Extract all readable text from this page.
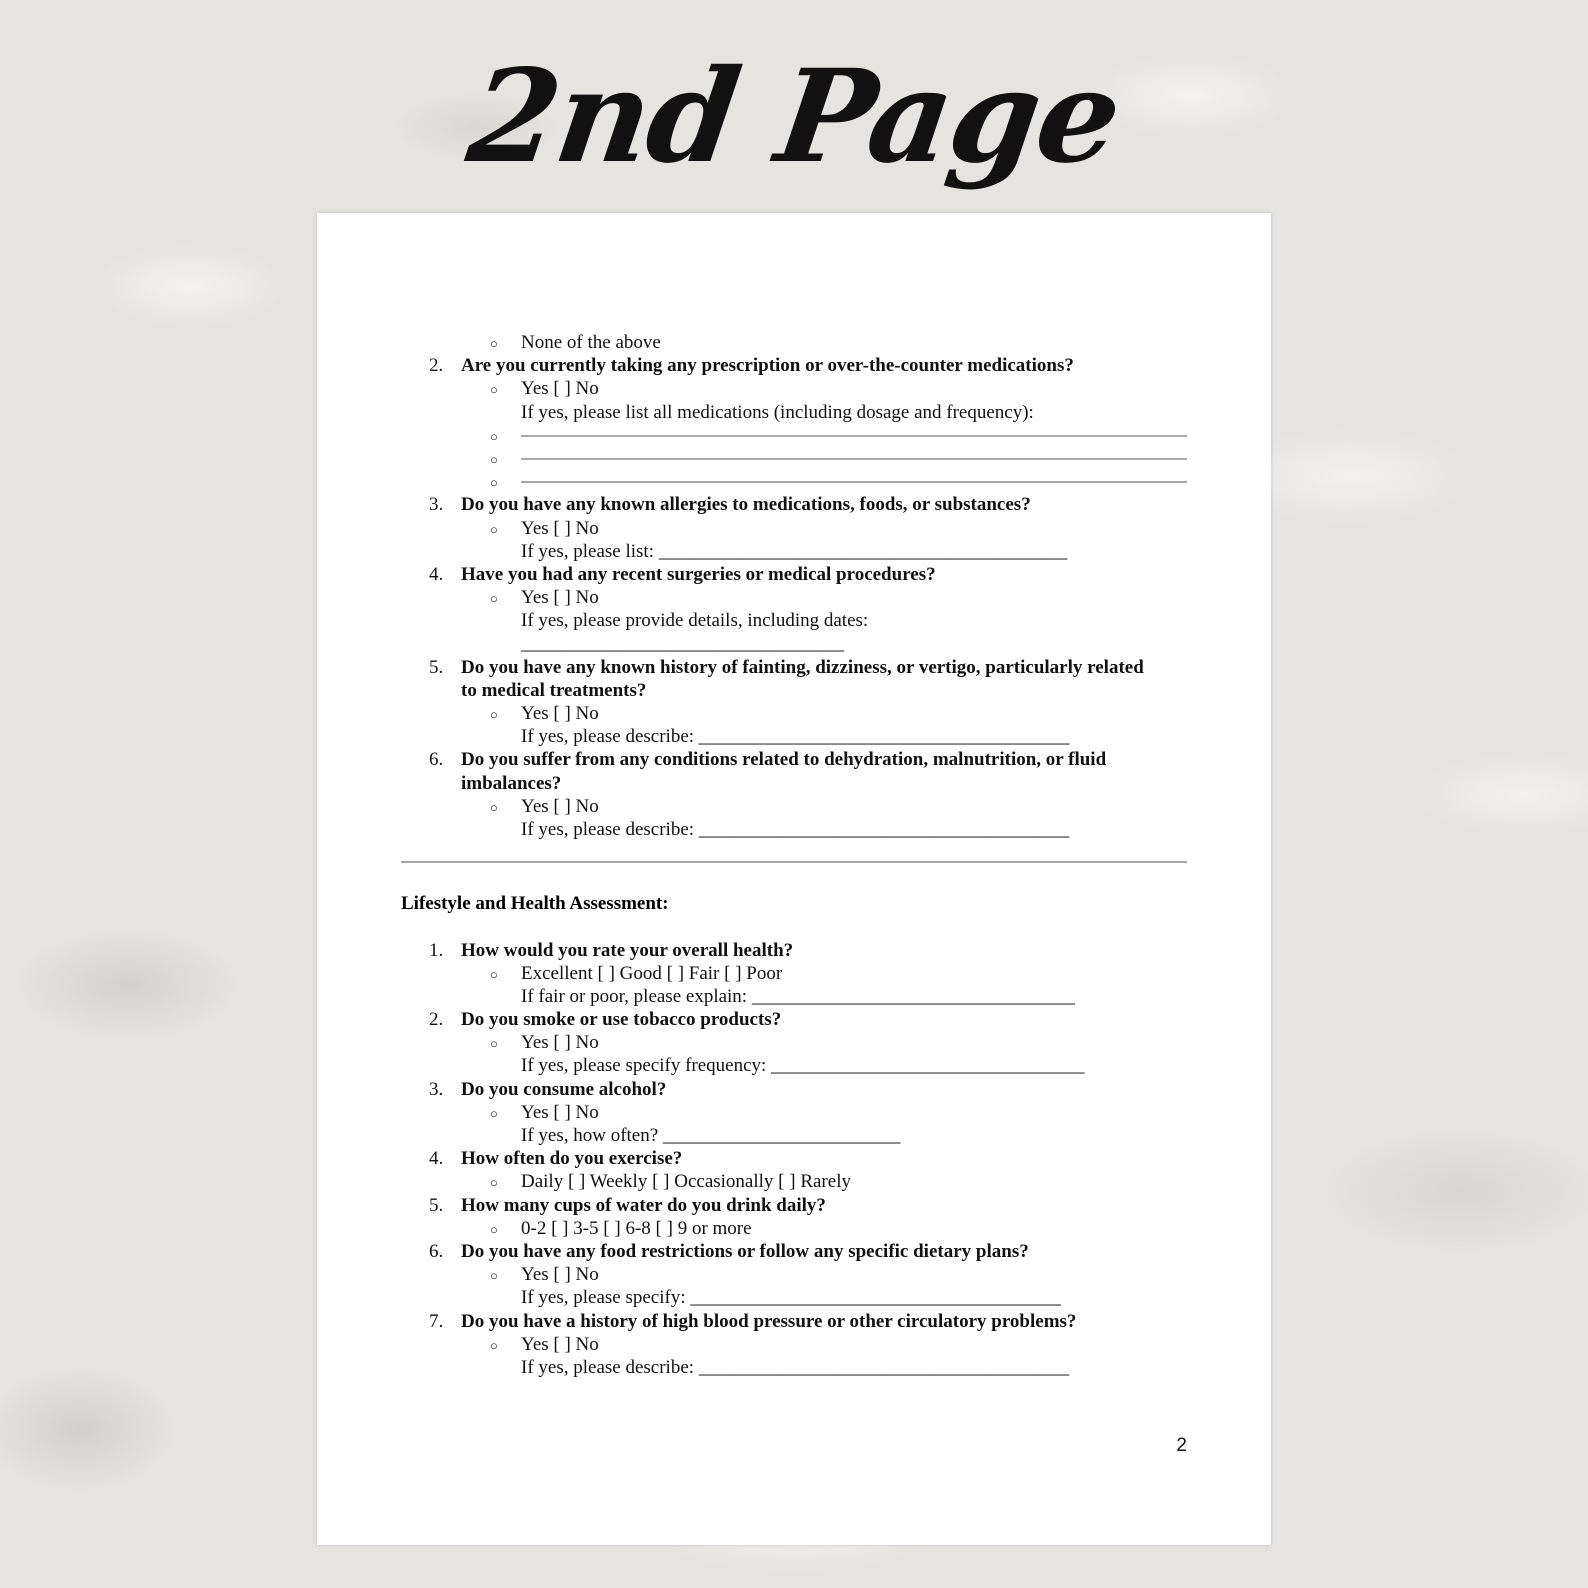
2nd Page
○ None of the above
2. Are you currently taking any prescription or over-the-counter medications?
○ Yes [ ] No
If yes, please list all medications (including dosage and frequency):
○
○
○
3. Do you have any known allergies to medications, foods, or substances?
○ Yes [ ] No
If yes, please list: ___________________________________________
4. Have you had any recent surgeries or medical procedures?
○ Yes [ ] No
If yes, please provide details, including dates:
__________________________________
5. Do you have any known history of fainting, dizziness, or vertigo, particularly related
to medical treatments?
○ Yes [ ] No
If yes, please describe: _______________________________________
6. Do you suffer from any conditions related to dehydration, malnutrition, or fluid
imbalances?
○ Yes [ ] No
If yes, please describe: _______________________________________
Lifestyle and Health Assessment:
1. How would you rate your overall health?
○ Excellent [ ] Good [ ] Fair [ ] Poor
If fair or poor, please explain: __________________________________
2. Do you smoke or use tobacco products?
○ Yes [ ] No
If yes, please specify frequency: _________________________________
3. Do you consume alcohol?
○ Yes [ ] No
If yes, how often? _________________________
4. How often do you exercise?
○ Daily [ ] Weekly [ ] Occasionally [ ] Rarely
5. How many cups of water do you drink daily?
○ 0-2 [ ] 3-5 [ ] 6-8 [ ] 9 or more
6. Do you have any food restrictions or follow any specific dietary plans?
○ Yes [ ] No
If yes, please specify: _______________________________________
7. Do you have a history of high blood pressure or other circulatory problems?
○ Yes [ ] No
If yes, please describe: _______________________________________
2
